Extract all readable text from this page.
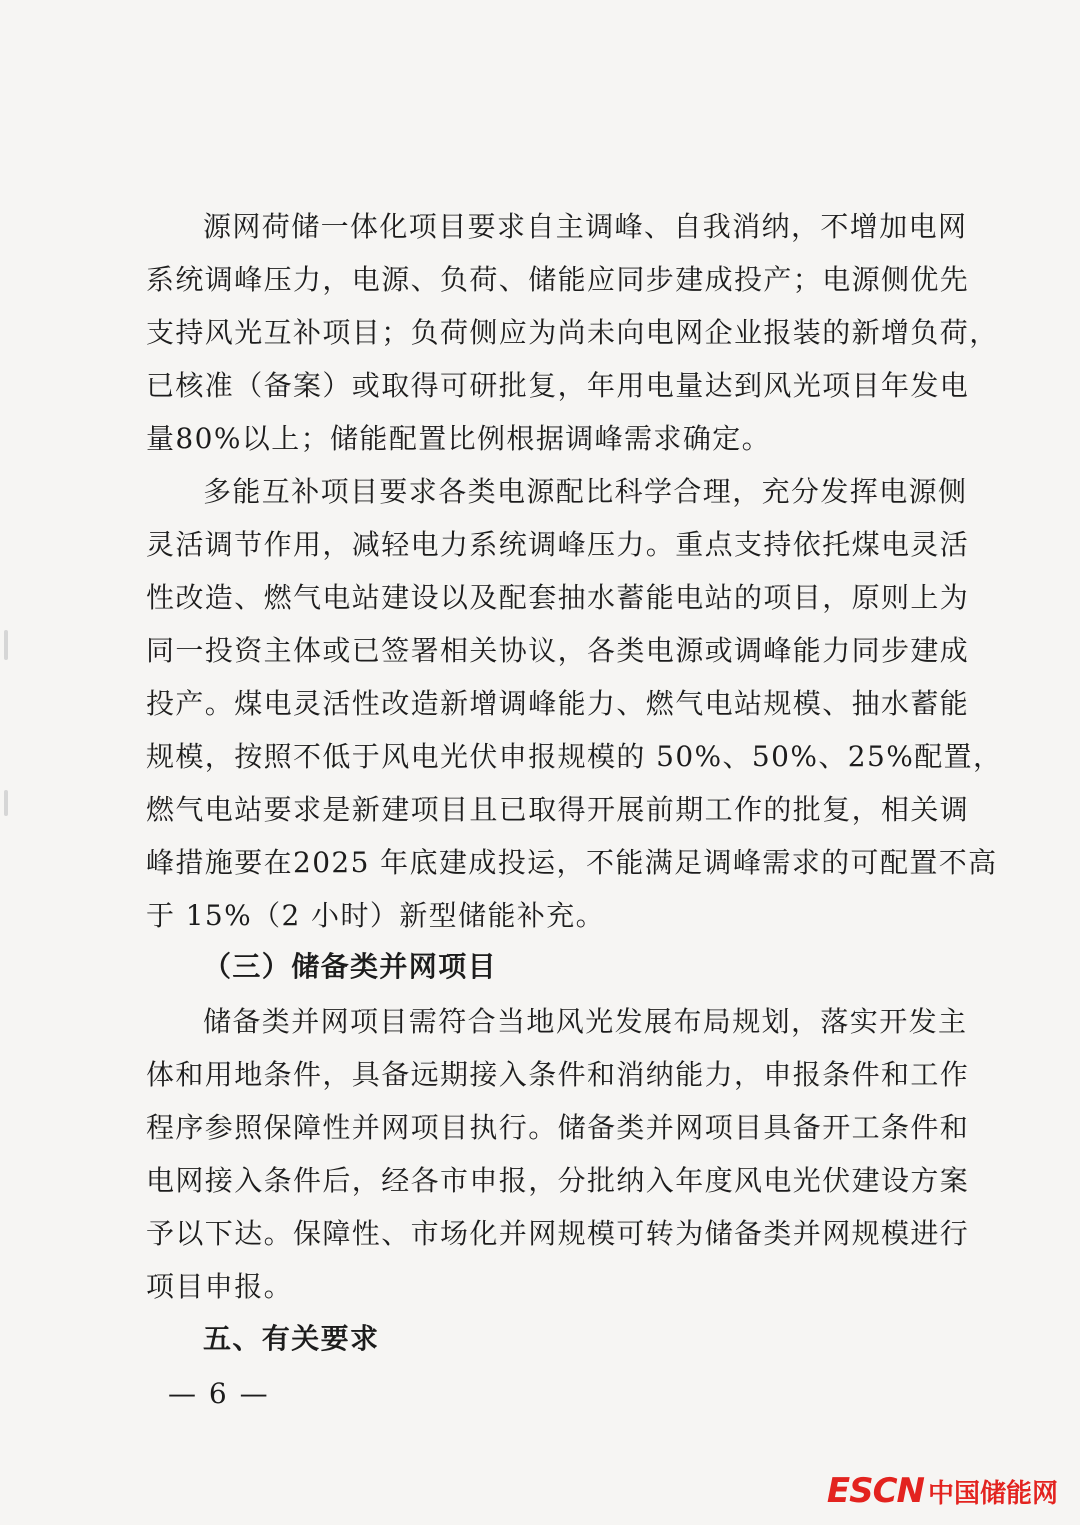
源网荷储一体化项目要求自主调峰、自我消纳，不增加电网
系统调峰压力，电源、负荷、储能应同步建成投产；电源侧优先
支持风光互补项目；负荷侧应为尚未向电网企业报装的新增负荷，
已核准（备案）或取得可研批复，年用电量达到风光项目年发电
量80%以上；储能配置比例根据调峰需求确定。
多能互补项目要求各类电源配比科学合理，充分发挥电源侧
灵活调节作用，减轻电力系统调峰压力。重点支持依托煤电灵活
性改造、燃气电站建设以及配套抽水蓄能电站的项目，原则上为
同一投资主体或已签署相关协议，各类电源或调峰能力同步建成
投产。煤电灵活性改造新增调峰能力、燃气电站规模、抽水蓄能
规模，按照不低于风电光伏申报规模的 50%、50%、25%配置，
燃气电站要求是新建项目且已取得开展前期工作的批复，相关调
峰措施要在2025 年底建成投运，不能满足调峰需求的可配置不高
于 15%（2 小时）新型储能补充。
（三）储备类并网项目
储备类并网项目需符合当地风光发展布局规划，落实开发主
体和用地条件，具备远期接入条件和消纳能力，申报条件和工作
程序参照保障性并网项目执行。储备类并网项目具备开工条件和
电网接入条件后，经各市申报，分批纳入年度风电光伏建设方案
予以下达。保障性、市场化并网规模可转为储备类并网规模进行
项目申报。
五、有关要求
— 6 —
ESCN 中国储能网
